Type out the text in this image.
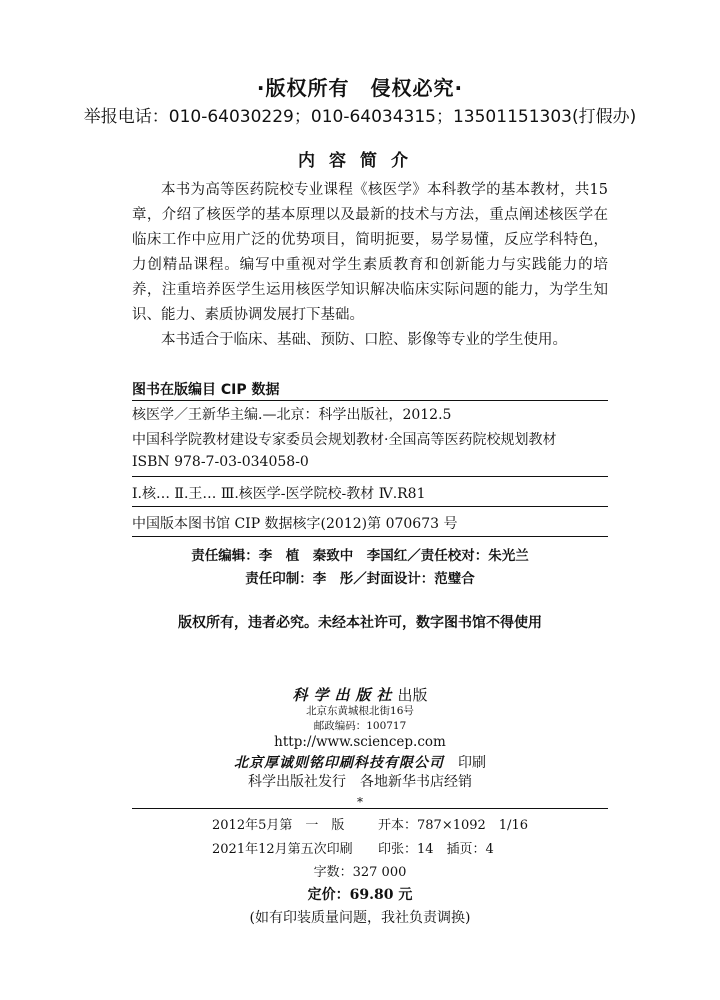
·版权所有　侵权必究·
举报电话：010-64030229；010-64034315；13501151303(打假办)
内容简介

本书为高等医药院校专业课程《核医学》本科教学的基本教材，共15章，介绍了核医学的基本原理以及最新的技术与方法，重点阐述核医学在临床工作中应用广泛的优势项目，简明扼要，易学易懂，反应学科特色，力创精品课程。编写中重视对学生素质教育和创新能力与实践能力的培养，注重培养医学生运用核医学知识解决临床实际问题的能力，为学生知识、能力、素质协调发展打下基础。

本书适合于临床、基础、预防、口腔、影像等专业的学生使用。

图书在版编目 CIP 数据
核医学／王新华主编.—北京：科学出版社，2012.5
中国科学院教材建设专家委员会规划教材·全国高等医药院校规划教材
ISBN 978-7-03-034058-0
Ⅰ.核… Ⅱ.王… Ⅲ.核医学-医学院校-教材 Ⅳ.R81
中国版本图书馆 CIP 数据核字(2012)第 070673 号
责任编辑：李　植　秦致中　李国红／责任校对：朱光兰
责任印制：李　彤／封面设计：范璧合
版权所有，违者必究。未经本社许可，数字图书馆不得使用
科学出版社出版
北京东黄城根北街16号
邮政编码：100717
http://www.sciencep.com
北京厚诚则铭印刷科技有限公司　 印刷
科学出版社发行　各地新华书店经销
*
2012年5月第　一　版	开本：787×1092　1/16
2021年12月第五次印刷 印张：14　插页：4
字数：327 000
定价：69.80 元
(如有印装质量问题，我社负责调换)
